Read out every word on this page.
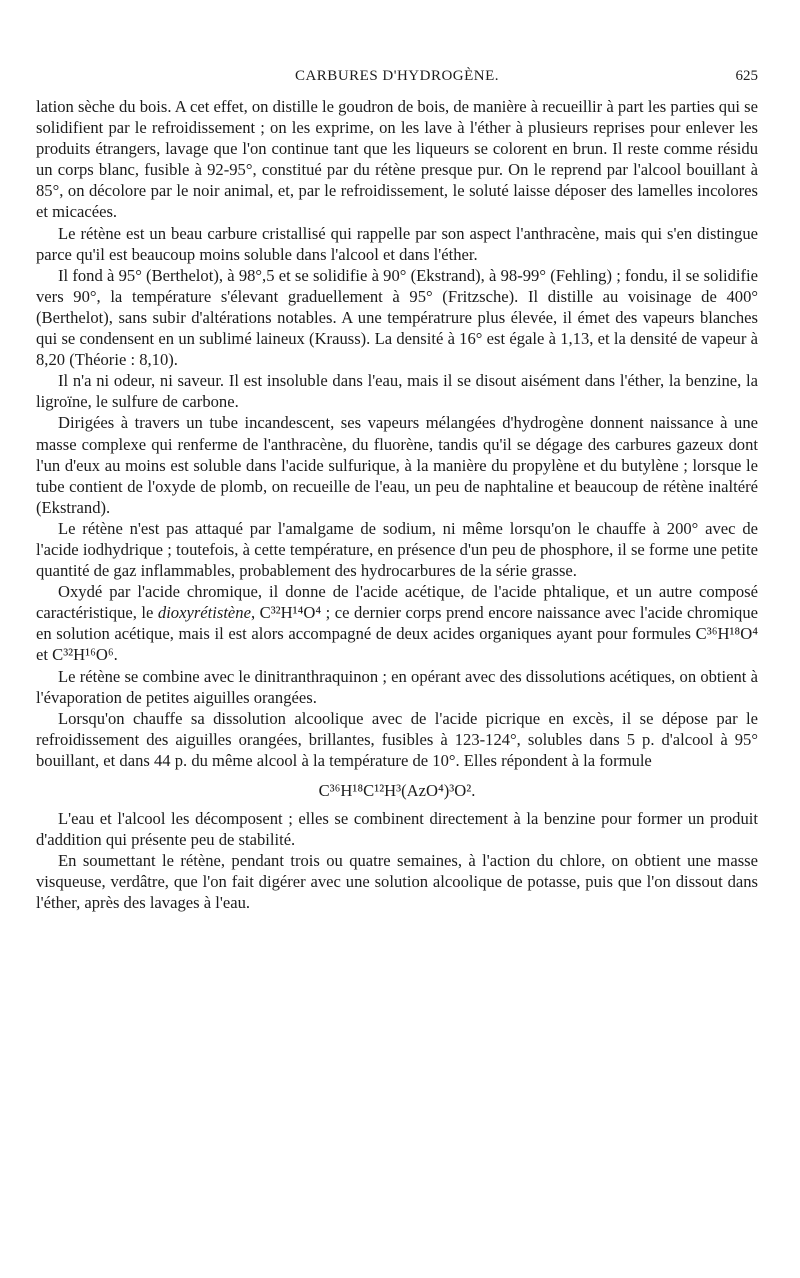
CARBURES D'HYDROGÈNE.	625

lation sèche du bois. A cet effet, on distille le goudron de bois, de manière à recueillir à part les parties qui se solidifient par le refroidissement ; on les exprime, on les lave à l'éther à plusieurs reprises pour enlever les produits étrangers, lavage que l'on continue tant que les liqueurs se colorent en brun. Il reste comme résidu un corps blanc, fusible à 92-95°, constitué par du rétène presque pur. On le reprend par l'alcool bouillant à 85°, on décolore par le noir animal, et, par le refroidissement, le soluté laisse déposer des lamelles incolores et micacées.

Le rétène est un beau carbure cristallisé qui rappelle par son aspect l'anthracène, mais qui s'en distingue parce qu'il est beaucoup moins soluble dans l'alcool et dans l'éther.

Il fond à 95° (Berthelot), à 98°,5 et se solidifie à 90° (Ekstrand), à 98-99° (Fehling) ; fondu, il se solidifie vers 90°, la température s'élevant graduellement à 95° (Fritzsche). Il distille au voisinage de 400° (Berthelot), sans subir d'altérations notables. A une températrure plus élevée, il émet des vapeurs blanches qui se condensent en un sublimé laineux (Krauss). La densité à 16° est égale à 1,13, et la densité de vapeur à 8,20 (Théorie : 8,10).

Il n'a ni odeur, ni saveur. Il est insoluble dans l'eau, mais il se disout aisément dans l'éther, la benzine, la ligroïne, le sulfure de carbone.

Dirigées à travers un tube incandescent, ses vapeurs mélangées d'hydrogène donnent naissance à une masse complexe qui renferme de l'anthracène, du fluorène, tandis qu'il se dégage des carbures gazeux dont l'un d'eux au moins est soluble dans l'acide sulfurique, à la manière du propylène et du butylène ; lorsque le tube contient de l'oxyde de plomb, on recueille de l'eau, un peu de naphtaline et beaucoup de rétène inaltéré (Ekstrand).

Le rétène n'est pas attaqué par l'amalgame de sodium, ni même lorsqu'on le chauffe à 200° avec de l'acide iodhydrique ; toutefois, à cette température, en présence d'un peu de phosphore, il se forme une petite quantité de gaz inflammables, probablement des hydrocarbures de la série grasse.

Oxydé par l'acide chromique, il donne de l'acide acétique, de l'acide phtalique, et un autre composé caractéristique, le dioxyrétistène, C³²H¹⁴O⁴ ; ce dernier corps prend encore naissance avec l'acide chromique en solution acétique, mais il est alors accompagné de deux acides organiques ayant pour formules C³⁶H¹⁸O⁴ et C³²H¹⁶O⁶.

Le rétène se combine avec le dinitranthraquinon ; en opérant avec des dissolutions acétiques, on obtient à l'évaporation de petites aiguilles orangées.

Lorsqu'on chauffe sa dissolution alcoolique avec de l'acide picrique en excès, il se dépose par le refroidissement des aiguilles orangées, brillantes, fusibles à 123-124°, solubles dans 5 p. d'alcool à 95° bouillant, et dans 44 p. du même alcool à la température de 10°. Elles répondent à la formule

C³⁶H¹⁸C¹²H³(AzO⁴)³O².

L'eau et l'alcool les décomposent ; elles se combinent directement à la benzine pour former un produit d'addition qui présente peu de stabilité.

En soumettant le rétène, pendant trois ou quatre semaines, à l'action du chlore, on obtient une masse visqueuse, verdâtre, que l'on fait digérer avec une solution alcoolique de potasse, puis que l'on dissout dans l'éther, après des lavages à l'eau.
